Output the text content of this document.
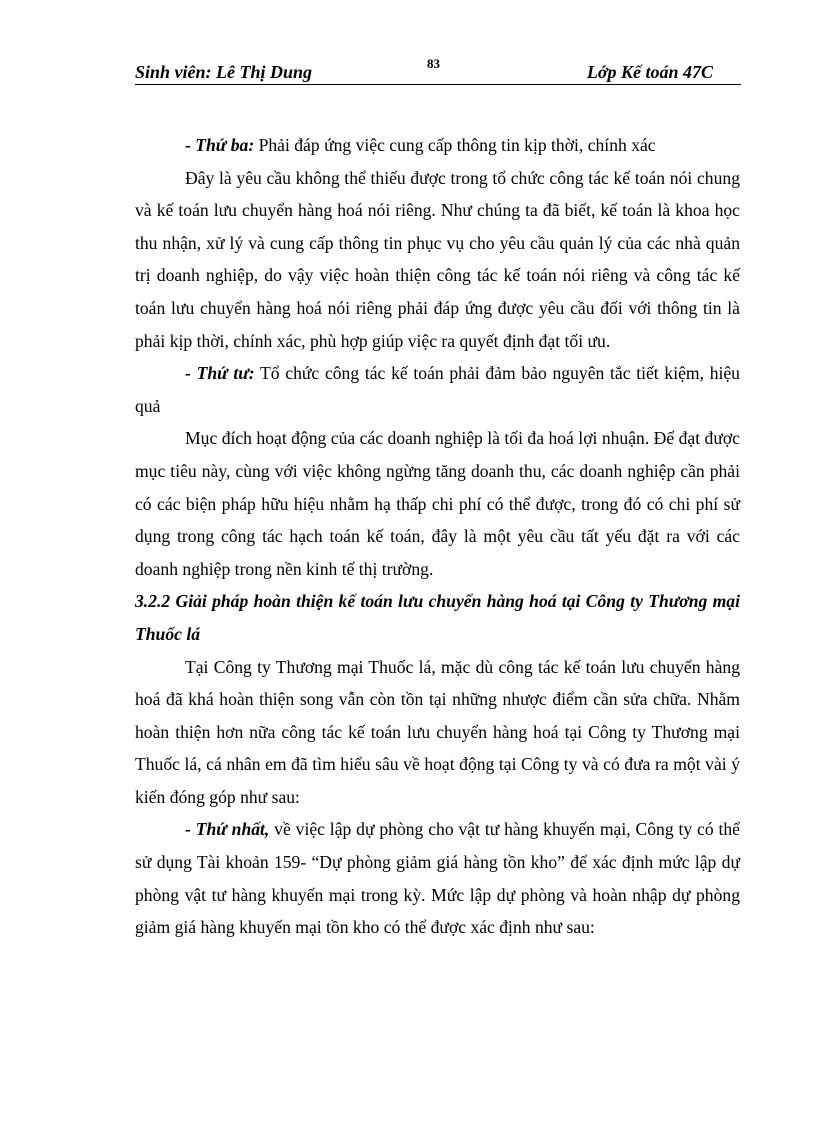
Sinh viên: Lê Thị Dung	83	Lớp Kế toán 47C

- Thứ ba: Phải đáp ứng việc cung cấp thông tin kịp thời, chính xác

Đây là yêu cầu không thể thiếu được trong tổ chức công tác kế toán nói chung và kế toán lưu chuyển hàng hoá nói riêng. Như chúng ta đã biết, kế toán là khoa học thu nhận, xử lý và cung cấp thông tin phục vụ cho yêu cầu quản lý của các nhà quản trị doanh nghiệp, do vậy việc hoàn thiện công tác kế toán nói riêng và công tác kế toán lưu chuyển hàng hoá nói riêng phải đáp ứng được yêu cầu đối với thông tin là phải kịp thời, chính xác, phù hợp giúp việc ra quyết định đạt tối ưu.

- Thứ tư: Tổ chức công tác kế toán phải đảm bảo nguyên tắc tiết kiệm, hiệu quả

Mục đích hoạt động của các doanh nghiệp là tối đa hoá lợi nhuận. Để đạt được mục tiêu này, cùng với việc không ngừng tăng doanh thu, các doanh nghiệp cần phải có các biện pháp hữu hiệu nhằm hạ thấp chi phí có thể được, trong đó có chi phí sử dụng trong công tác hạch toán kế toán, đây là một yêu cầu tất yếu đặt ra với các doanh nghiệp trong nền kinh tế thị trường.

3.2.2 Giải pháp hoàn thiện kế toán lưu chuyển hàng hoá tại Công ty Thương mại Thuốc lá

Tại Công ty Thương mại Thuốc lá, mặc dù công tác kế toán lưu chuyển hàng hoá đã khá hoàn thiện song vẫn còn tồn tại những nhược điểm cần sửa chữa. Nhằm hoàn thiện hơn nữa công tác kế toán lưu chuyển hàng hoá tại Công ty Thương mại Thuốc lá, cá nhân em đã tìm hiểu sâu về hoạt động tại Công ty và có đưa ra một vài ý kiến đóng góp như sau:

- Thứ nhất, về việc lập dự phòng cho vật tư hàng khuyến mại, Công ty có thể sử dụng Tài khoản 159- “Dự phòng giảm giá hàng tồn kho” để xác định mức lập dự phòng vật tư hàng khuyến mại trong kỳ. Mức lập dự phòng và hoàn nhập dự phòng giảm giá hàng khuyến mại tồn kho có thể được xác định như sau:
